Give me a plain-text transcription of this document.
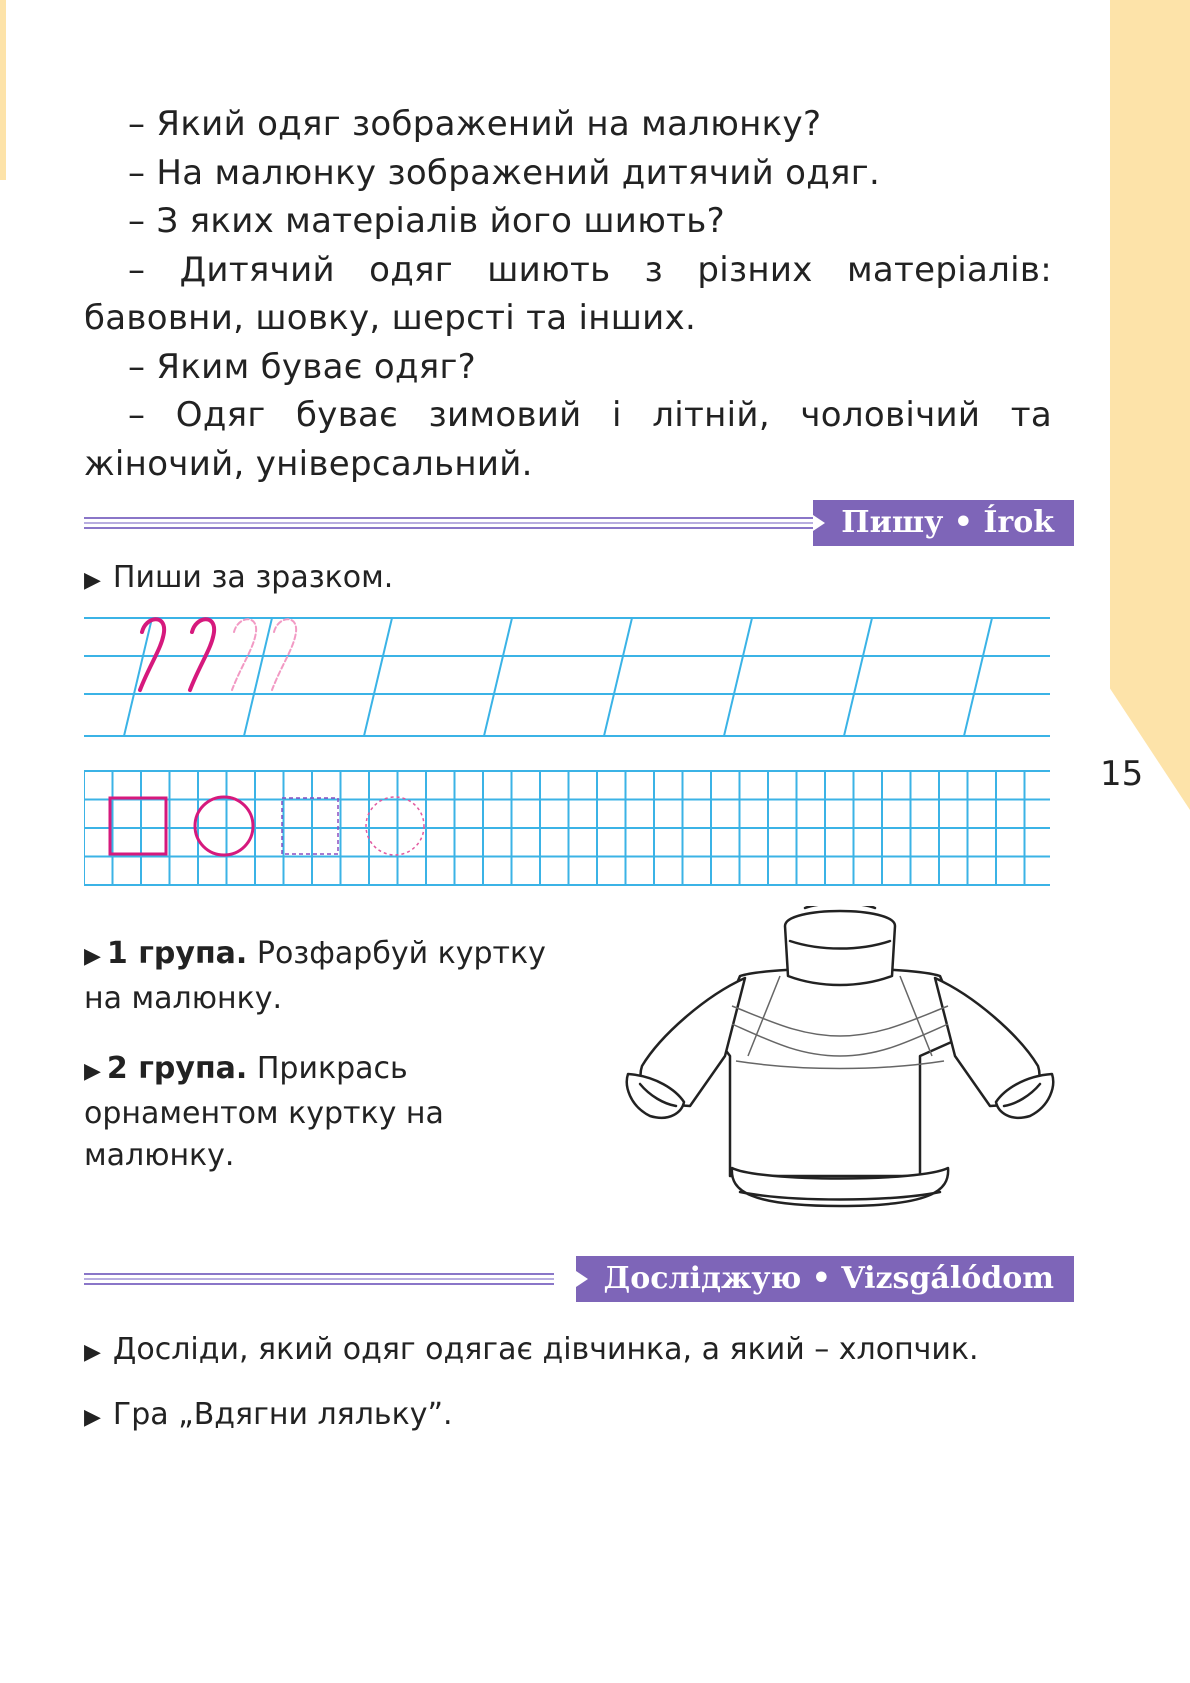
15

– Який одяг зображений на малюнку?

– На малюнку зображений дитячий одяг.

– З яких матеріалів його шиють?

– Дитячий одяг шиють з різних матеріалів: бавовни, шовку, шерсті та інших.

– Яким буває одяг?

– Одяг буває зимовий і літній, чоловічий та жіночий, універсальний.

Пишу • Írok
▶ Пиши за зразком.
▶ 1 група. Розфарбуй куртку на малюнку.
▶ 2 група. Прикрась орнаментом куртку на малюнку.
Досліджую • Vizsgálódom
▶ Досліди, який одяг одягає дівчинка, а який – хлопчик.
▶ Гра „Вдягни ляльку”.
